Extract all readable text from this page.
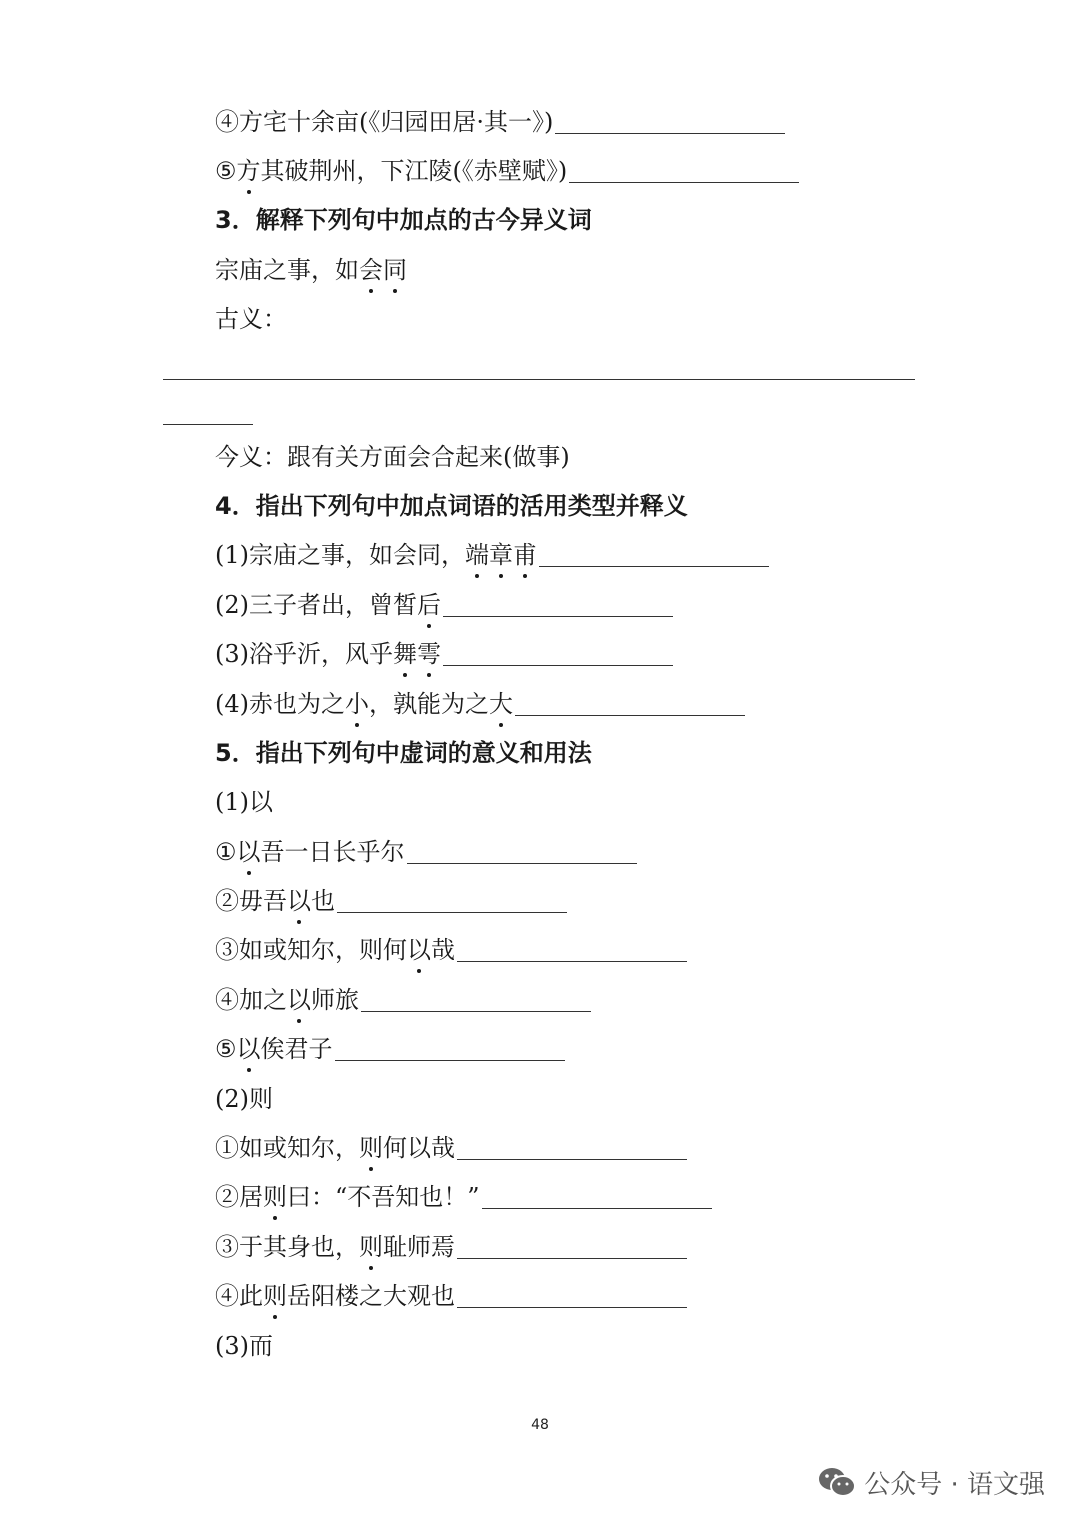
④方宅十余亩(《归园田居·其一》)
⑤ 方 其破荆州，下江陵(《赤壁赋》)
3．解释下列句中加点的古今异义词
宗庙之事，如 会 同
古义：
今义：跟有关方面会合起来(做事)
4．指出下列句中加点词语的活用类型并释义
(1)宗庙之事，如会同， 端 章 甫
(2)三子者出，曾皙 后
(3)浴乎沂，风乎 舞 雩
(4)赤也为之 小 ，孰能为之 大
5．指出下列句中虚词的意义和用法
(1)以
① 以 吾一日长乎尔
②毋吾 以 也
③如或知尔，则何 以 哉
④加之 以 师旅
⑤ 以 俟君子
(2)则
①如或知尔， 则 何以哉
②居 则 曰：“不吾知也！”
③于其身也， 则 耻师焉
④此 则 岳阳楼之大观也
(3)而
48
公众号 · 语文强
